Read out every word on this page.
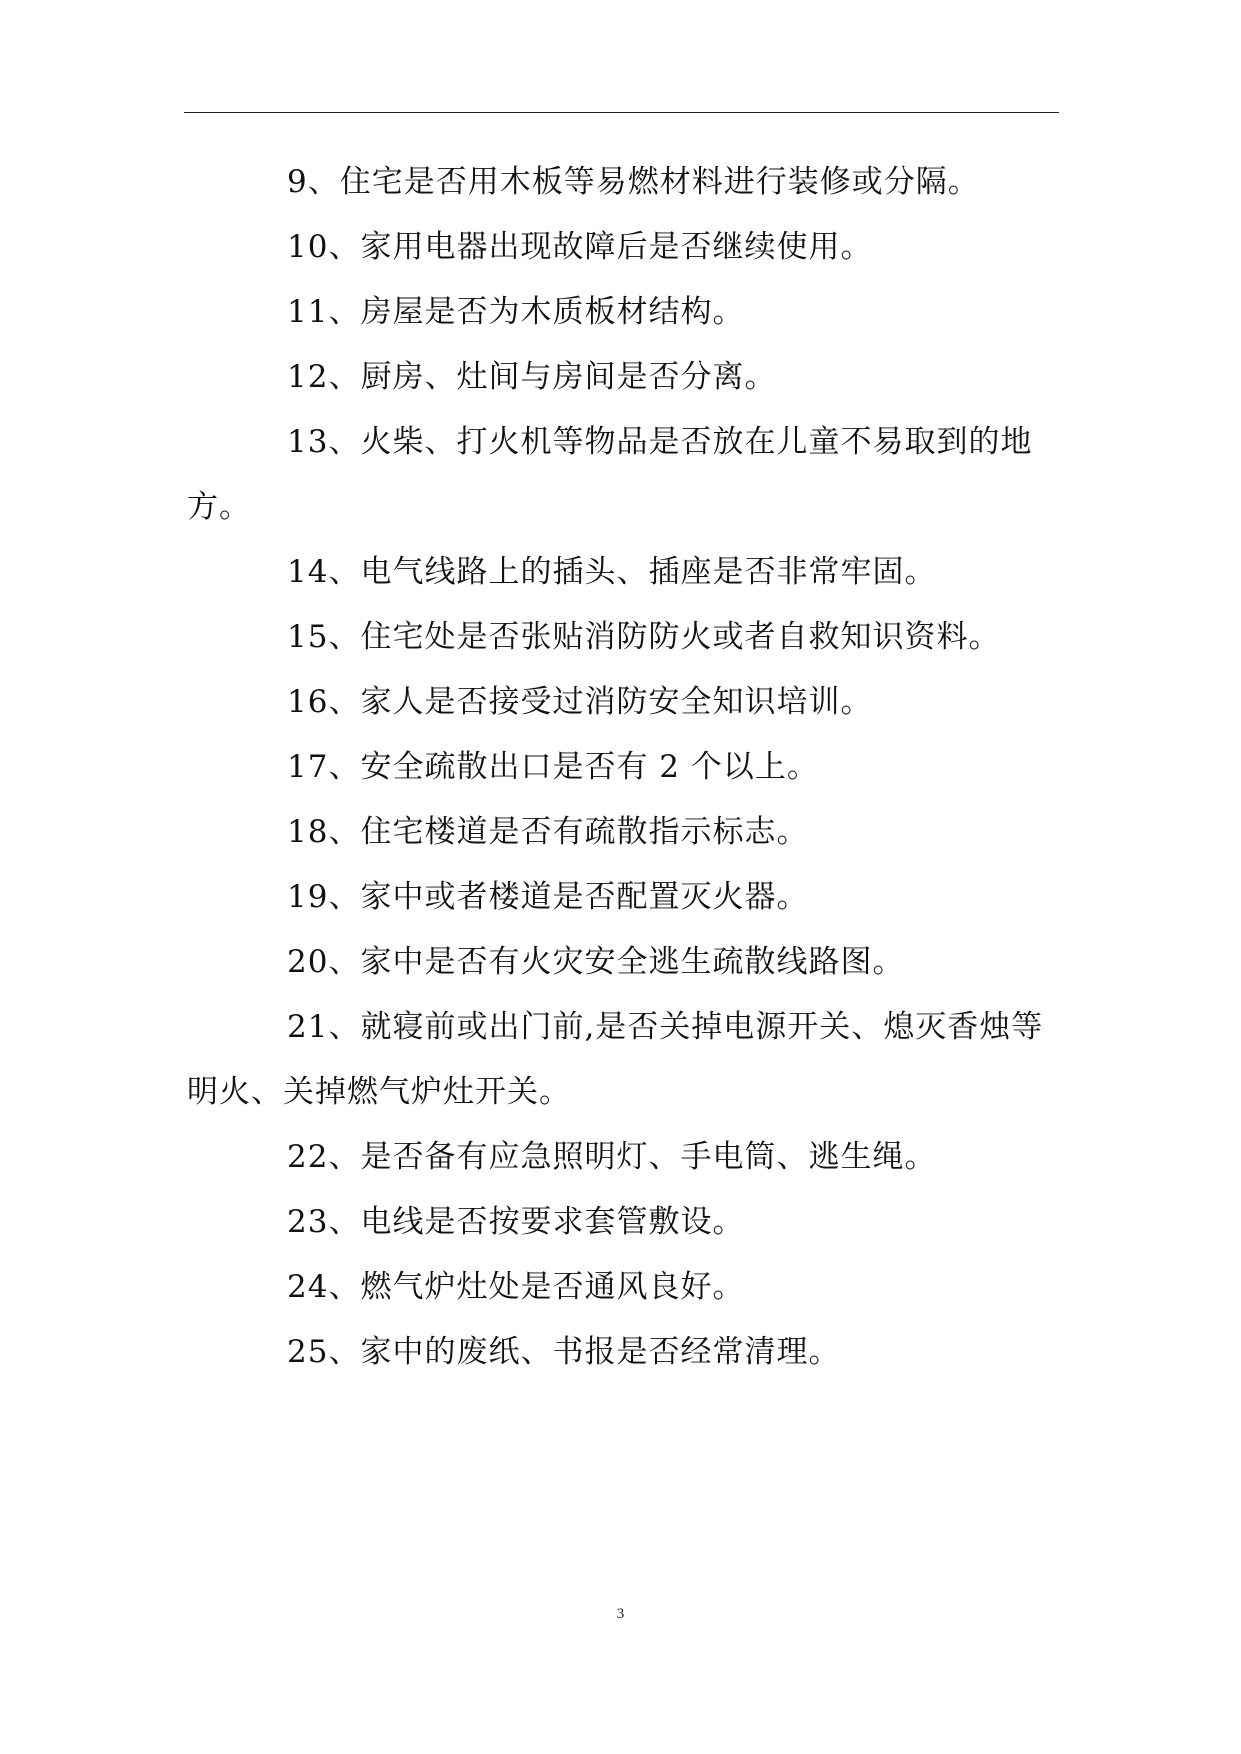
9、住宅是否用木板等易燃材料进行装修或分隔。

10、家用电器出现故障后是否继续使用。

11、房屋是否为木质板材结构。

12、厨房、灶间与房间是否分离。

13、火柴、打火机等物品是否放在儿童不易取到的地方。

14、电气线路上的插头、插座是否非常牢固。

15、住宅处是否张贴消防防火或者自救知识资料。

16、家人是否接受过消防安全知识培训。

17、安全疏散出口是否有 2 个以上。

18、住宅楼道是否有疏散指示标志。

19、家中或者楼道是否配置灭火器。

20、家中是否有火灾安全逃生疏散线路图。

21、就寝前或出门前,是否关掉电源开关、熄灭香烛等明火、关掉燃气炉灶开关。

22、是否备有应急照明灯、手电筒、逃生绳。

23、电线是否按要求套管敷设。

24、燃气炉灶处是否通风良好。

25、家中的废纸、书报是否经常清理。

3
